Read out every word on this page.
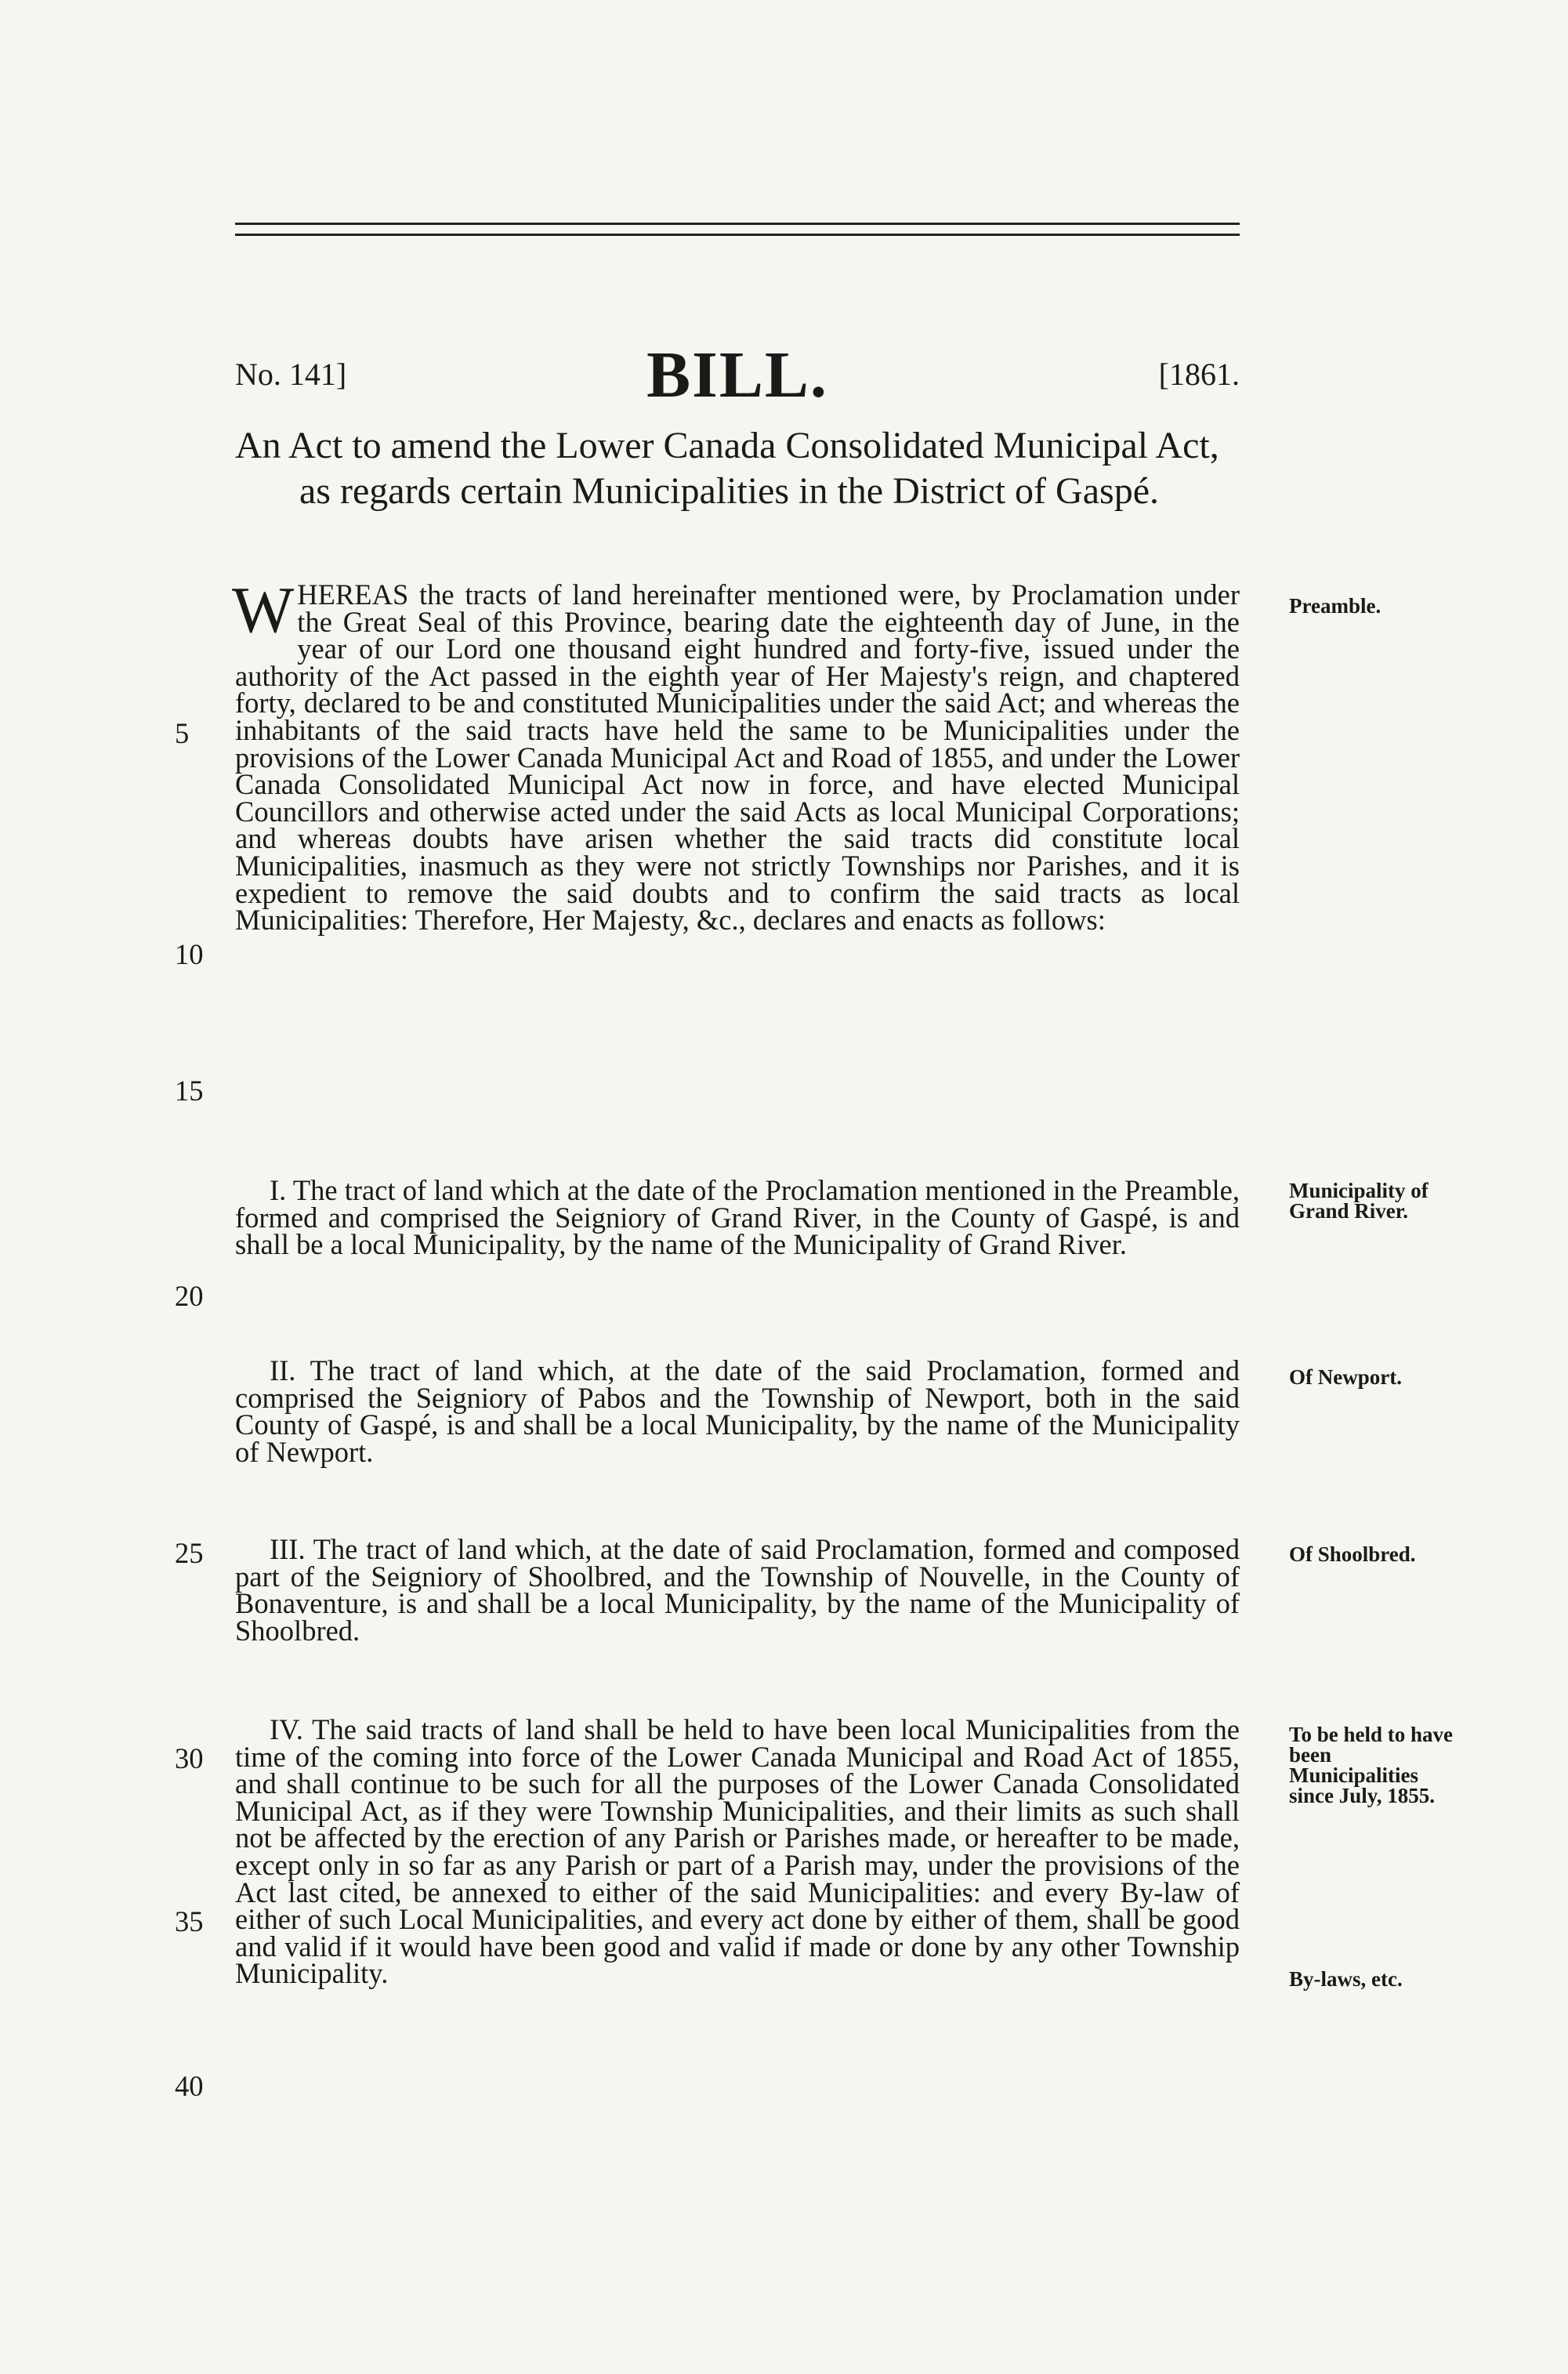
No. 141]	BILL.	[1861.
An Act to amend the Lower Canada Consolidated Municipal Act, as regards certain Municipalities in the District of Gaspé.

WHEREAS the tracts of land hereinafter mentioned were, by Proclamation under the Great Seal of this Province, bearing date the eighteenth day of June, in the year of our Lord one thousand eight hundred and forty-five, issued under the authority of the Act passed in the eighth year of Her Majesty's reign, and chaptered forty, declared to be and constituted Municipalities under the said Act; and whereas the inhabitants of the said tracts have held the same to be Municipalities under the provisions of the Lower Canada Municipal Act and Road of 1855, and under the Lower Canada Consolidated Municipal Act now in force, and have elected Municipal Councillors and otherwise acted under the said Acts as local Municipal Corporations; and whereas doubts have arisen whether the said tracts did constitute local Municipalities, inasmuch as they were not strictly Townships nor Parishes, and it is expedient to remove the said doubts and to confirm the said tracts as local Municipalities: Therefore, Her Majesty, &c., declares and enacts as follows:

I. The tract of land which at the date of the Proclamation mentioned in the Preamble, formed and comprised the Seigniory of Grand River, in the County of Gaspé, is and shall be a local Municipality, by the name of the Municipality of Grand River.

II. The tract of land which, at the date of the said Proclamation, formed and comprised the Seigniory of Pabos and the Township of Newport, both in the said County of Gaspé, is and shall be a local Municipality, by the name of the Municipality of Newport.

III. The tract of land which, at the date of said Proclamation, formed and composed part of the Seigniory of Shoolbred, and the Township of Nouvelle, in the County of Bonaventure, is and shall be a local Municipality, by the name of the Municipality of Shoolbred.

IV. The said tracts of land shall be held to have been local Municipalities from the time of the coming into force of the Lower Canada Municipal and Road Act of 1855, and shall continue to be such for all the purposes of the Lower Canada Consolidated Municipal Act, as if they were Township Municipalities, and their limits as such shall not be affected by the erection of any Parish or Parishes made, or hereafter to be made, except only in so far as any Parish or part of a Parish may, under the provisions of the Act last cited, be annexed to either of the said Municipalities: and every By-law of either of such Local Municipalities, and every act done by either of them, shall be good and valid if it would have been good and valid if made or done by any other Township Municipality.

Preamble.
Municipality of Grand River.
Of Newport.
Of Shoolbred.
To be held to have been Municipalities since July, 1855.
By-laws, etc.
5
10
15
20
25
30
35
40
